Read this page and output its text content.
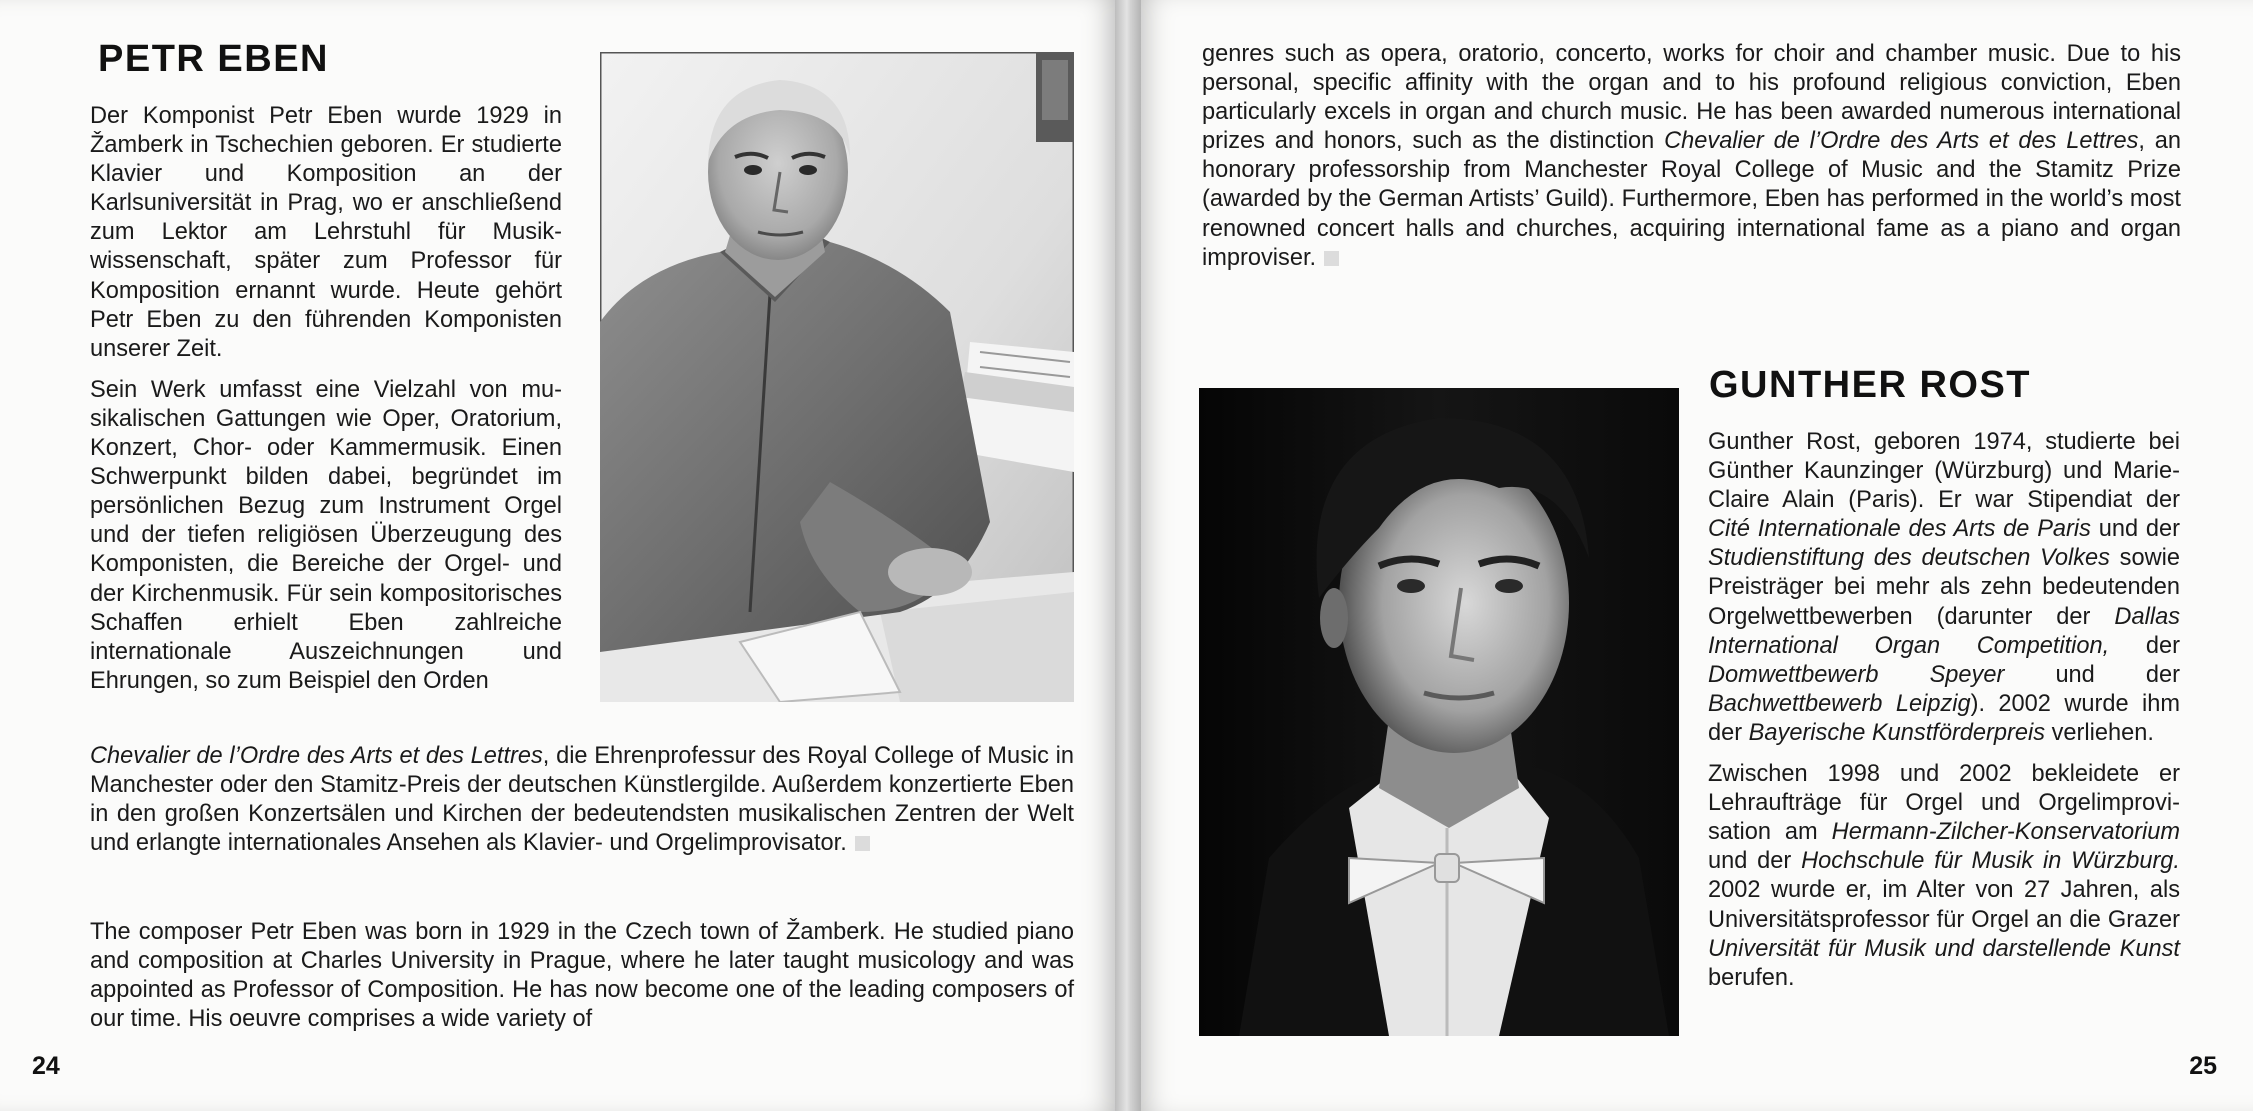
PETR EBEN

Der Komponist Petr Eben wurde 1929 in Žamberk in Tschechien geboren. Er studierte Klavier und Komposition an der Karlsuniversität in Prag, wo er anschließend zum Lektor am Lehrstuhl für Musikwissenschaft, später zum Professor für Komposition ernannt wurde. Heute gehört Petr Eben zu den führenden Komponisten unserer Zeit.

Sein Werk umfasst eine Vielzahl von musikalischen Gattungen wie Oper, Oratorium, Konzert, Chor- oder Kammermusik. Einen Schwerpunkt bilden dabei, begründet im persönlichen Bezug zum Instrument Orgel und der tiefen religiösen Überzeugung des Komponisten, die Bereiche der Orgel- und der Kirchenmusik. Für sein kompositorisches Schaffen erhielt Eben zahlreiche internationale Auszeichnungen und Ehrungen, so zum Beispiel den Orden

Chevalier de l’Ordre des Arts et des Lettres, die Ehrenprofessur des Royal College of Music in Manchester oder den Stamitz-Preis der deutschen Künstlergilde. Außerdem konzertierte Eben in den großen Konzertsälen und Kirchen der bedeutendsten musikalischen Zentren der Welt und erlangte internationales Ansehen als Klavier- und Orgelimprovisator.

The composer Petr Eben was born in 1929 in the Czech town of Žamberk. He studied piano and composition at Charles University in Prague, where he later taught musicology and was appointed as Professor of Composition. He has now become one of the leading composers of our time. His oeuvre comprises a wide variety of

24

genres such as opera, oratorio, concerto, works for choir and chamber music. Due to his personal, specific affinity with the organ and to his profound religious conviction, Eben particularly excels in organ and church music. He has been awarded numerous international prizes and honors, such as the distinction Chevalier de l’Ordre des Arts et des Lettres, an honorary professorship from Manchester Royal College of Music and the Stamitz Prize (awarded by the German Artists’ Guild). Furthermore, Eben has performed in the world’s most renowned concert halls and churches, acquiring international fame as a piano and organ improviser.

GUNTHER ROST

Gunther Rost, geboren 1974, studierte bei Günther Kaunzinger (Würzburg) und Marie-Claire Alain (Paris). Er war Stipendiat der Cité Internationale des Arts de Paris und der Studienstiftung des deutschen Volkes sowie Preisträger bei mehr als zehn bedeutenden Orgelwettbewerben (darunter der Dallas International Organ Competition, der Domwettbewerb Speyer und der Bachwettbewerb Leipzig). 2002 wurde ihm der Bayerische Kunstförderpreis verliehen.

Zwischen 1998 und 2002 bekleidete er Lehraufträge für Orgel und Orgelimprovisation am Hermann-Zilcher-Konservatorium und der Hochschule für Musik in Würzburg. 2002 wurde er, im Alter von 27 Jahren, als Universitätsprofessor für Orgel an die Grazer Universität für Musik und darstellende Kunst berufen.

25
